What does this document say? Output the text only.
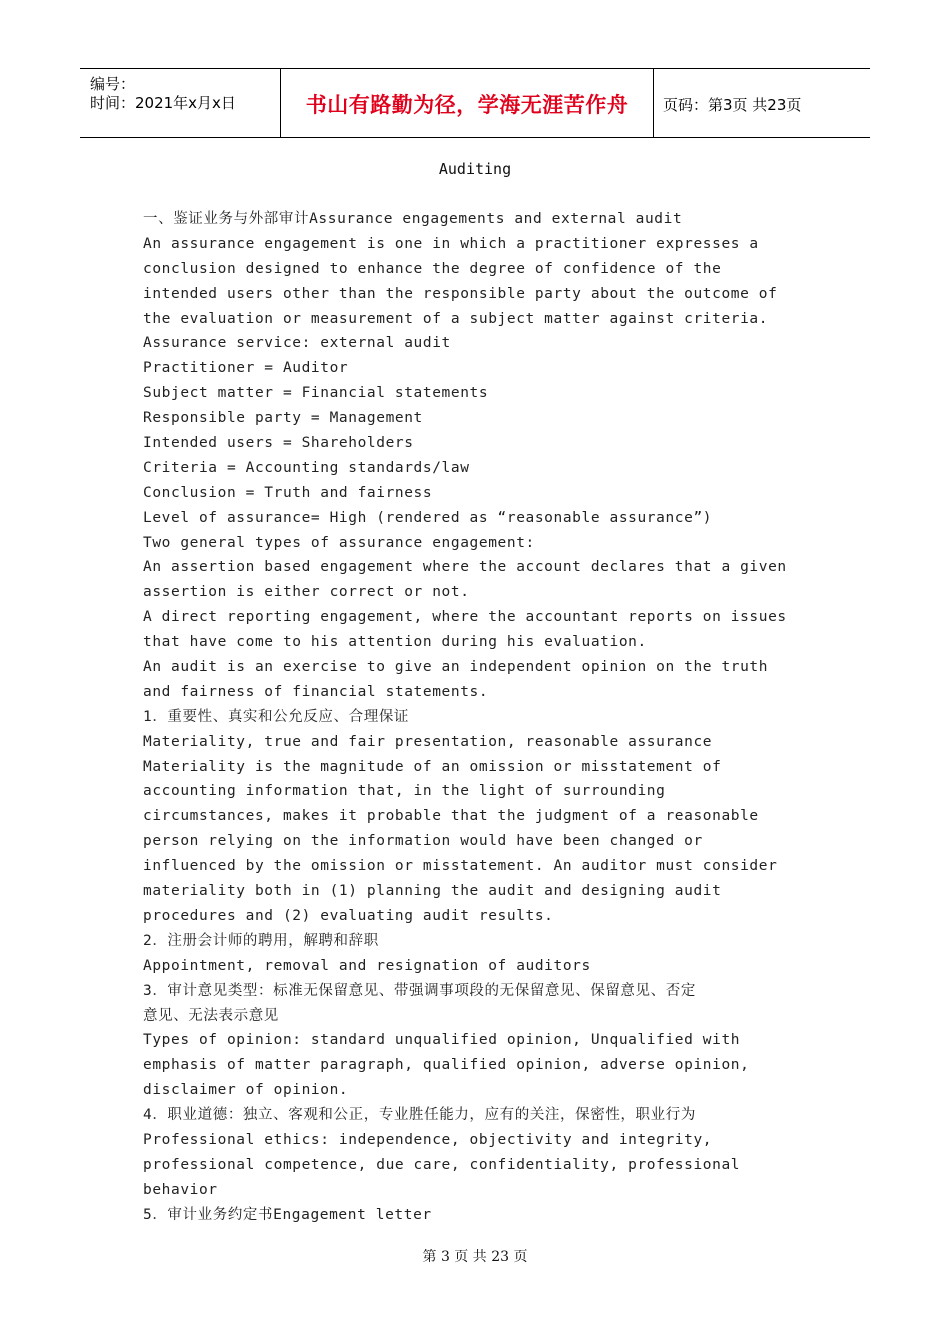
编号：
时间：2021年x月x日	书山有路勤为径，学海无涯苦作舟	页码：第3页 共23页
Auditing
一、鉴证业务与外部审计Assurance engagements and external audit
An assurance engagement is one in which a practitioner expresses a
conclusion designed to enhance the degree of confidence of the
intended users other than the responsible party about the outcome of
the evaluation or measurement of a subject matter against criteria.
Assurance service: external audit
Practitioner = Auditor
Subject matter = Financial statements
Responsible party = Management
Intended users = Shareholders
Criteria = Accounting standards/law
Conclusion = Truth and fairness
Level of assurance= High (rendered as “reasonable assurance”)
Two general types of assurance engagement:
An assertion based engagement where the account declares that a given
assertion is either correct or not.
A direct reporting engagement, where the accountant reports on issues
that have come to his attention during his evaluation.
An audit is an exercise to give an independent opinion on the truth
and fairness of financial statements.
1．重要性、真实和公允反应、合理保证
Materiality, true and fair presentation, reasonable assurance
Materiality is the magnitude of an omission or misstatement of
accounting information that, in the light of surrounding
circumstances, makes it probable that the judgment of a reasonable
person relying on the information would have been changed or
influenced by the omission or misstatement. An auditor must consider
materiality both in (1) planning the audit and designing audit
procedures and (2) evaluating audit results.
2．注册会计师的聘用，解聘和辞职
Appointment, removal and resignation of auditors
3．审计意见类型：标准无保留意见、带强调事项段的无保留意见、保留意见、否定
意见、无法表示意见
Types of opinion: standard unqualified opinion, Unqualified with
emphasis of matter paragraph, qualified opinion, adverse opinion,
disclaimer of opinion.
4．职业道德：独立、客观和公正，专业胜任能力，应有的关注，保密性，职业行为
Professional ethics: independence, objectivity and integrity,
professional competence, due care, confidentiality, professional
behavior
5．审计业务约定书Engagement letter
第 3 页 共 23 页
